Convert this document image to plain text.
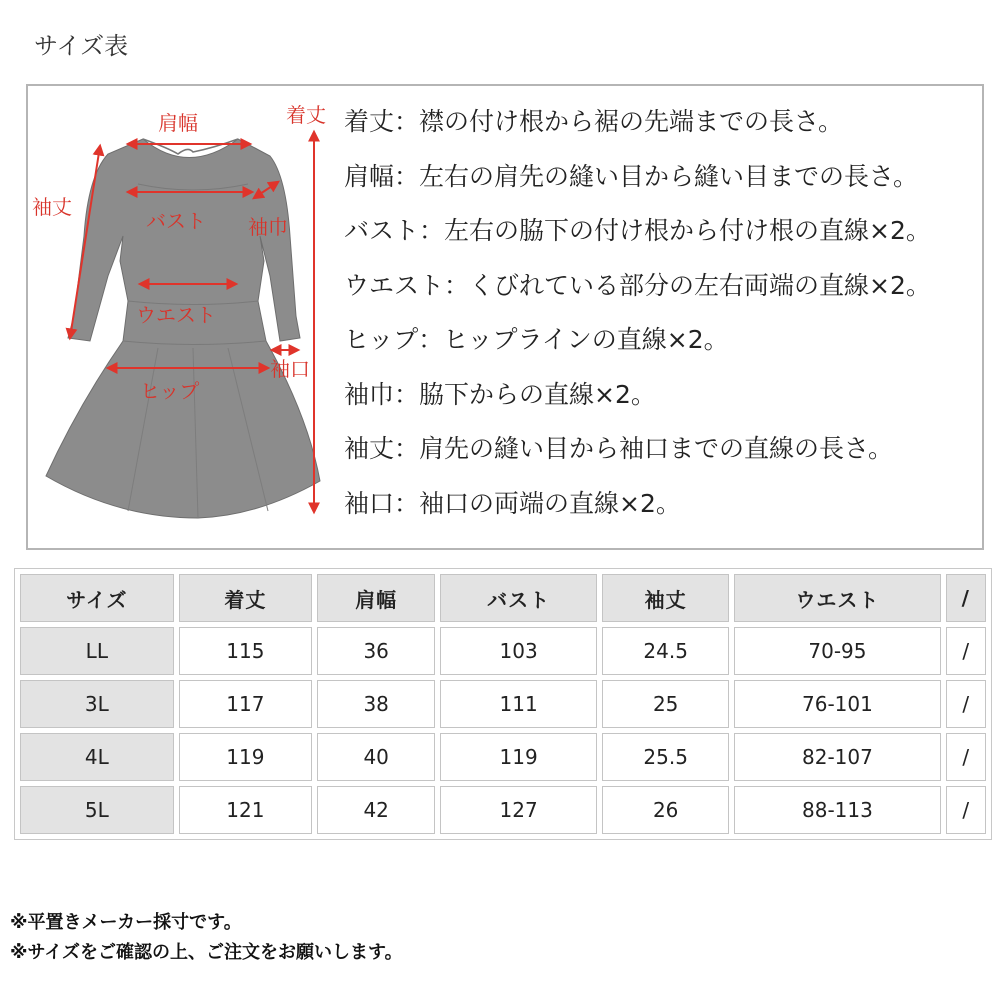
サイズ表
肩幅	着丈
袖丈
バスト 袖巾
ウエスト
袖口
ヒップ
着丈：襟の付け根から裾の先端までの長さ。
肩幅：左右の肩先の縫い目から縫い目までの長さ。
バスト：左右の脇下の付け根から付け根の直線×2。
ウエスト：くびれている部分の左右両端の直線×2。
ヒップ：ヒップラインの直線×2。
袖巾：脇下からの直線×2。
袖丈：肩先の縫い目から袖口までの直線の長さ。
袖口：袖口の両端の直線×2。
サイズ	着丈	肩幅	バスト	袖丈	ウエスト	/
LL	115	36	103	24.5	70-95	/
3L	117	38	111	25	76-101	/
4L	119	40	119	25.5	82-107	/
5L	121	42	127	26	88-113	/
※平置きメーカー採寸です。
※サイズをご確認の上、ご注文をお願いします。
